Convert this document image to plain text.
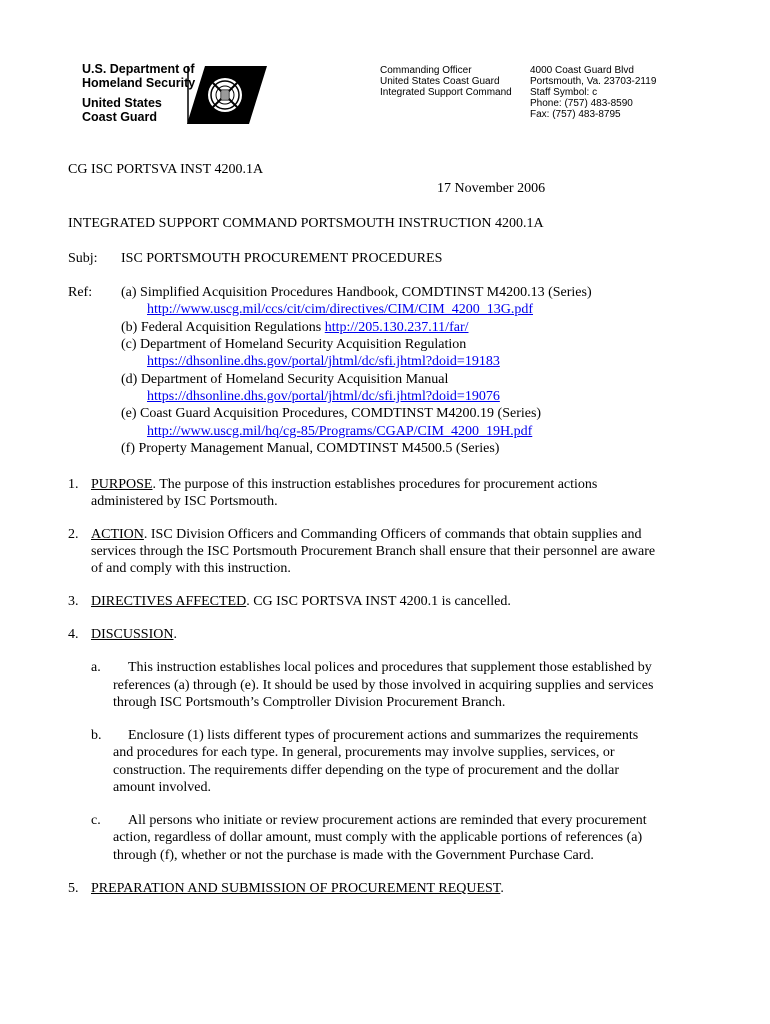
U.S. Department of
Homeland Security
United States
Coast Guard
Commanding Officer
United States Coast Guard
Integrated Support Command
4000 Coast Guard Blvd
Portsmouth, Va. 23703-2119
Staff Symbol: c
Phone: (757) 483-8590
Fax: (757) 483-8795
CG ISC PORTSVA INST 4200.1A
17 November 2006
INTEGRATED SUPPORT COMMAND PORTSMOUTH INSTRUCTION 4200.1A
Subj: ISC PORTSMOUTH PROCUREMENT PROCEDURES
Ref: (a) Simplified Acquisition Procedures Handbook, COMDTINST M4200.13 (Series)
http://www.uscg.mil/ccs/cit/cim/directives/CIM/CIM_4200_13G.pdf
(b) Federal Acquisition Regulations http://205.130.237.11/far/
(c) Department of Homeland Security Acquisition Regulation
https://dhsonline.dhs.gov/portal/jhtml/dc/sfi.jhtml?doid=19183
(d) Department of Homeland Security Acquisition Manual
https://dhsonline.dhs.gov/portal/jhtml/dc/sfi.jhtml?doid=19076
(e) Coast Guard Acquisition Procedures, COMDTINST M4200.19 (Series)
http://www.uscg.mil/hq/cg-85/Programs/CGAP/CIM_4200_19H.pdf
(f) Property Management Manual, COMDTINST M4500.5 (Series)
1. PURPOSE. The purpose of this instruction establishes procedures for procurement actions
administered by ISC Portsmouth.
2. ACTION. ISC Division Officers and Commanding Officers of commands that obtain supplies and
services through the ISC Portsmouth Procurement Branch shall ensure that their personnel are aware
of and comply with this instruction.
3. DIRECTIVES AFFECTED. CG ISC PORTSVA INST 4200.1 is cancelled.
4. DISCUSSION.
a. This instruction establishes local polices and procedures that supplement those established by
references (a) through (e). It should be used by those involved in acquiring supplies and services
through ISC Portsmouth’s Comptroller Division Procurement Branch.
b. Enclosure (1) lists different types of procurement actions and summarizes the requirements
and procedures for each type. In general, procurements may involve supplies, services, or
construction. The requirements differ depending on the type of procurement and the dollar
amount involved.
c. All persons who initiate or review procurement actions are reminded that every procurement
action, regardless of dollar amount, must comply with the applicable portions of references (a)
through (f), whether or not the purchase is made with the Government Purchase Card.
5. PREPARATION AND SUBMISSION OF PROCUREMENT REQUEST.
